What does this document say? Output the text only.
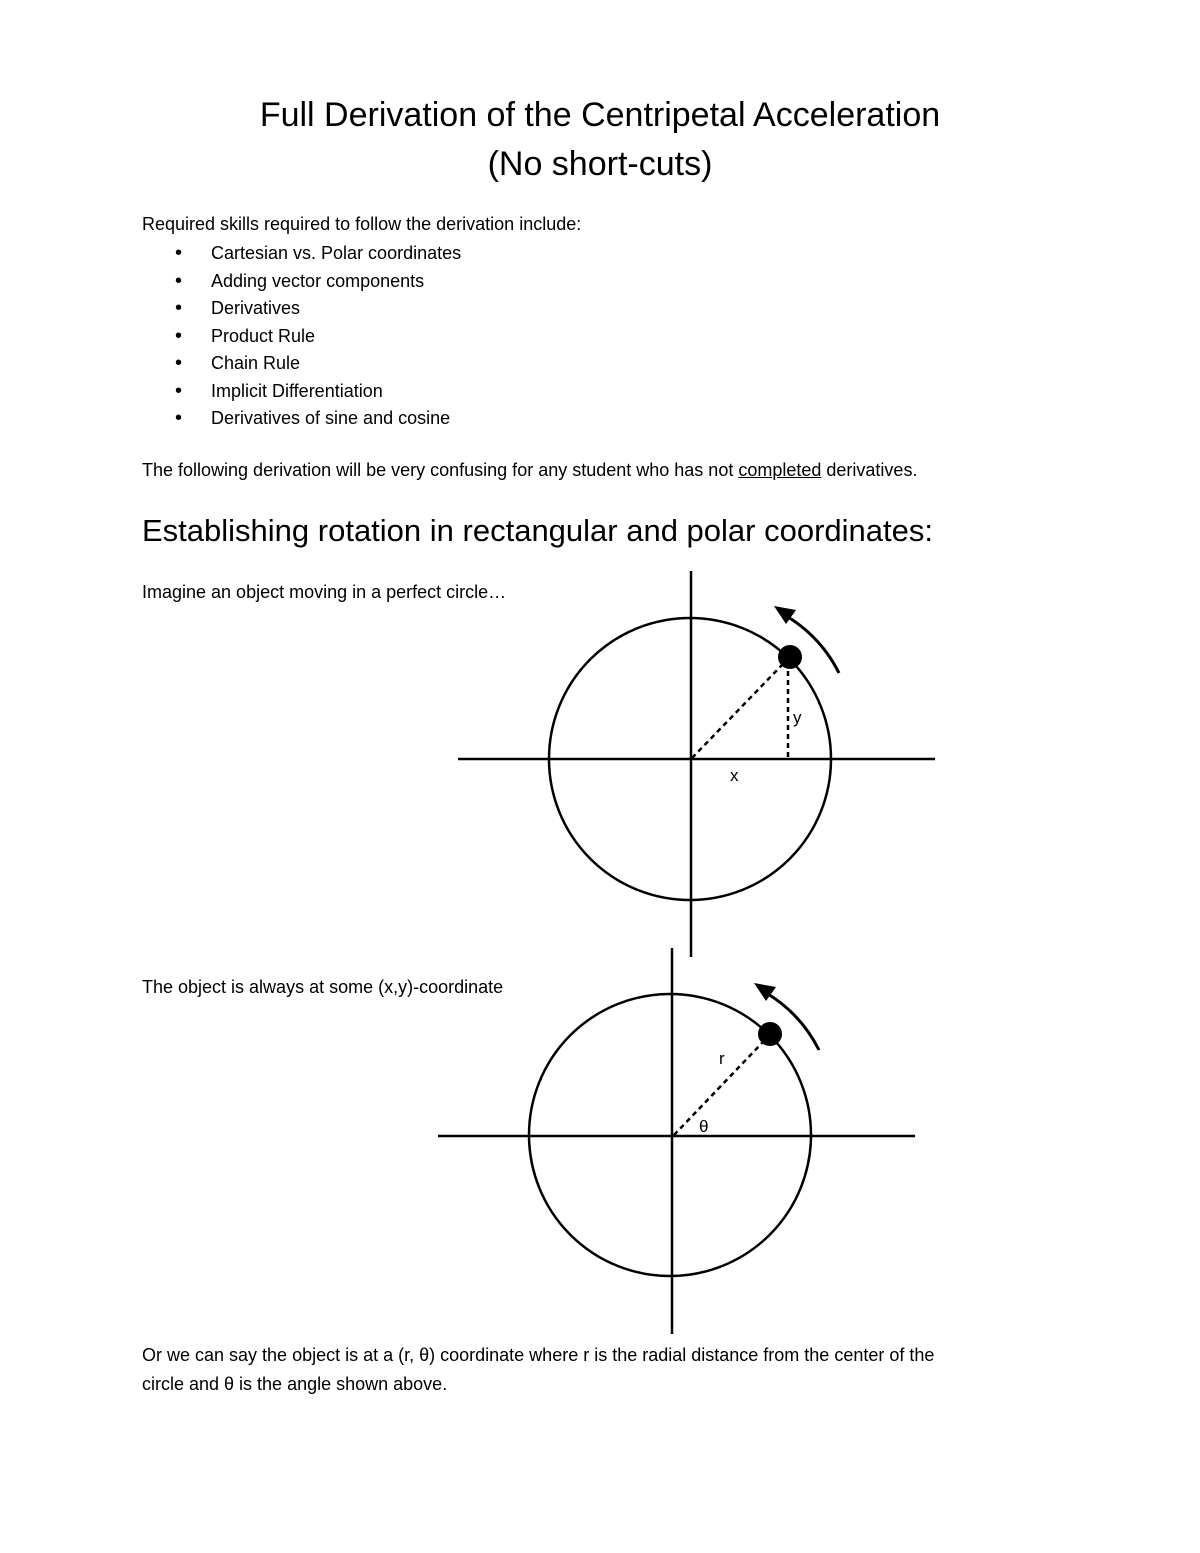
Full Derivation of the Centripetal Acceleration
(No short-cuts)
Required skills required to follow the derivation include:
• Cartesian vs. Polar coordinates
• Adding vector components
• Derivatives
• Product Rule
• Chain Rule
• Implicit Differentiation
• Derivatives of sine and cosine
The following derivation will be very confusing for any student who has not completed derivatives.
Establishing rotation in rectangular and polar coordinates:
Imagine an object moving in a perfect circle…
y
x
The object is always at some (x,y)-coordinate
r
θ
Or we can say the object is at a (r, θ) coordinate where r is the radial distance from the center of the
circle and θ is the angle shown above.
